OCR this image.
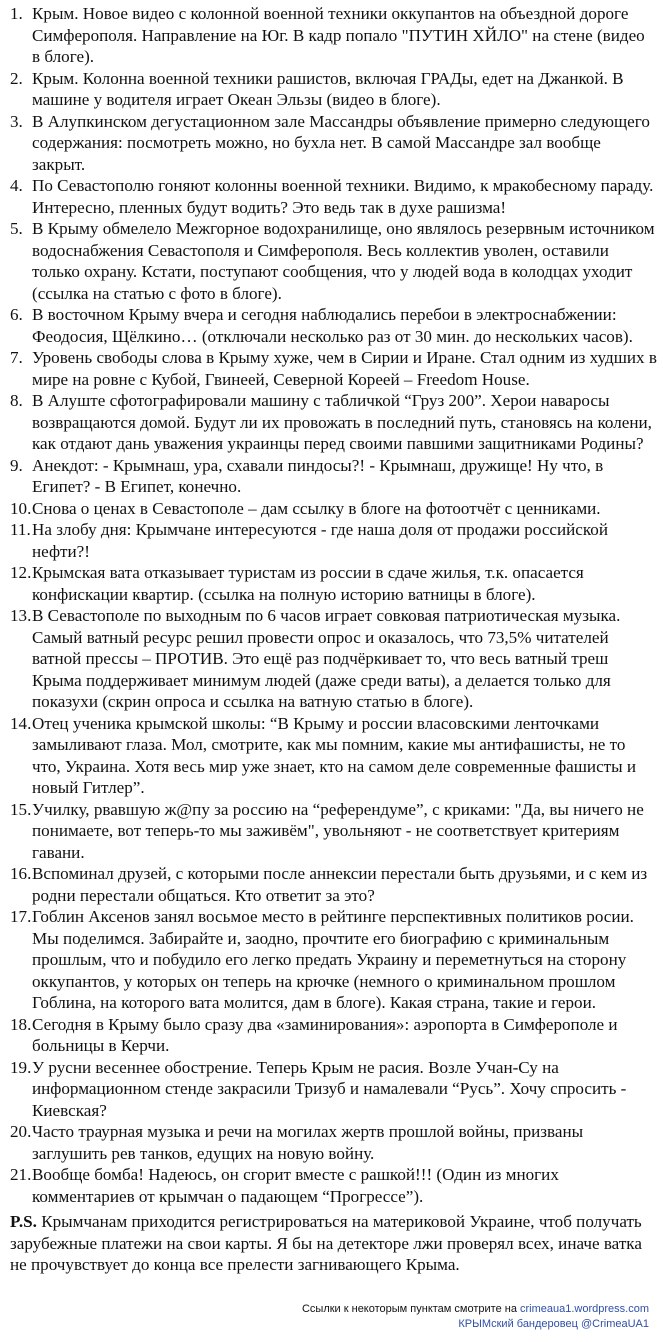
1. Крым. Новое видео с колонной военной техники оккупантов на объездной дороге Симферополя. Направление на Юг. В кадр попало "ПУТИН ХЙЛО" на стене (видео в блоге).
2. Крым. Колонна военной техники рашистов, включая ГРАДы, едет на Джанкой. В машине у водителя играет Океан Эльзы (видео в блоге).
3. В Алупкинском дегустационном зале Массандры объявление примерно следующего содержания: посмотреть можно, но бухла нет. В самой Массандре зал вообще закрыт.
4. По Севастополю гоняют колонны военной техники. Видимо, к мракобесному параду. Интересно, пленных будут водить? Это ведь так в духе рашизма!
5. В Крыму обмелело Межгорное водохранилище, оно являлось резервным источником водоснабжения Севастополя и Симферополя. Весь коллектив уволен, оставили только охрану. Кстати, поступают сообщения, что у людей вода в колодцах уходит (ссылка на статью с фото в блоге).
6. В восточном Крыму вчера и сегодня наблюдались перебои в электроснабжении: Феодосия, Щёлкино… (отключали несколько раз от 30 мин. до нескольких часов).
7. Уровень свободы слова в Крыму хуже, чем в Сирии и Иране. Стал одним из худших в мире на ровне с Кубой, Гвинеей, Северной Кореей – Freedom House.
8. В Алуште сфотографировали машину с табличкой “Груз 200”. Херои наваросы возвращаются домой. Будут ли их провожать в последний путь, становясь на колени, как отдают дань уважения украинцы перед своими павшими защитниками Родины?
9. Анекдот: - Крымнаш, ура, схавали пиндосы?! - Крымнаш, дружище! Ну что, в Египет? - В Египет, конечно.
10. Снова о ценах в Севастополе – дам ссылку в блоге на фотоотчёт с ценниками.
11. На злобу дня: Крымчане интересуются - где наша доля от продажи российской нефти?!
12. Крымская вата отказывает туристам из россии в сдаче жилья, т.к. опасается конфискации квартир. (ссылка на полную историю ватницы в блоге).
13. В Севастополе по выходным по 6 часов играет совковая патриотическая музыка. Самый ватный ресурс решил провести опрос и оказалось, что 73,5% читателей ватной прессы – ПРОТИВ. Это ещё раз подчёркивает то, что весь ватный треш Крыма поддерживает минимум людей (даже среди ваты), а делается только для показухи (скрин опроса и ссылка на ватную статью в блоге).
14. Отец ученика крымской школы: “В Крыму и россии власовскими ленточками замыливают глаза. Мол, смотрите, как мы помним, какие мы антифашисты, не то что, Украина. Хотя весь мир уже знает, кто на самом деле современные фашисты и новый Гитлер”.
15. Училку, рвавшую ж@пу за россию на “референдуме”, с криками: "Да, вы ничего не понимаете, вот теперь-то мы заживём", увольняют - не соответствует критериям гавани.
16. Вспоминал друзей, с которыми после аннексии перестали быть друзьями, и с кем из родни перестали общаться. Кто ответит за это?
17. Гоблин Аксенов занял восьмое место в рейтинге перспективных политиков росии. Мы поделимся. Забирайте и, заодно, прочтите его биографию с криминальным прошлым, что и побудило его легко предать Украину и переметнуться на сторону оккупантов, у которых он теперь на крючке (немного о криминальном прошлом Гоблина, на которого вата молится, дам в блоге). Какая страна, такие и герои.
18. Сегодня в Крыму было сразу два «заминирования»: аэропорта в Симферополе и больницы в Керчи.
19. У русни весеннее обострение. Теперь Крым не расия. Возле Учан-Су на информационном стенде закрасили Тризуб и намалевали “Русь”. Хочу спросить - Киевская?
20. Часто траурная музыка и речи на могилах жертв прошлой войны, призваны заглушить рев танков, едущих на новую войну.
21. Вообще бомба! Надеюсь, он сгорит вместе с рашкой!!! (Один из многих комментариев от крымчан о падающем “Прогрессе”).

P.S. Крымчанам приходится регистрироваться на материковой Украине, чтоб получать зарубежные платежи на свои карты. Я бы на детекторе лжи проверял всех, иначе ватка не прочувствует до конца все прелести загнивающего Крыма.

Ссылки к некоторым пунктам смотрите на crimeaua1.wordpress.com
КРЫМский бандеровец @CrimeaUA1
